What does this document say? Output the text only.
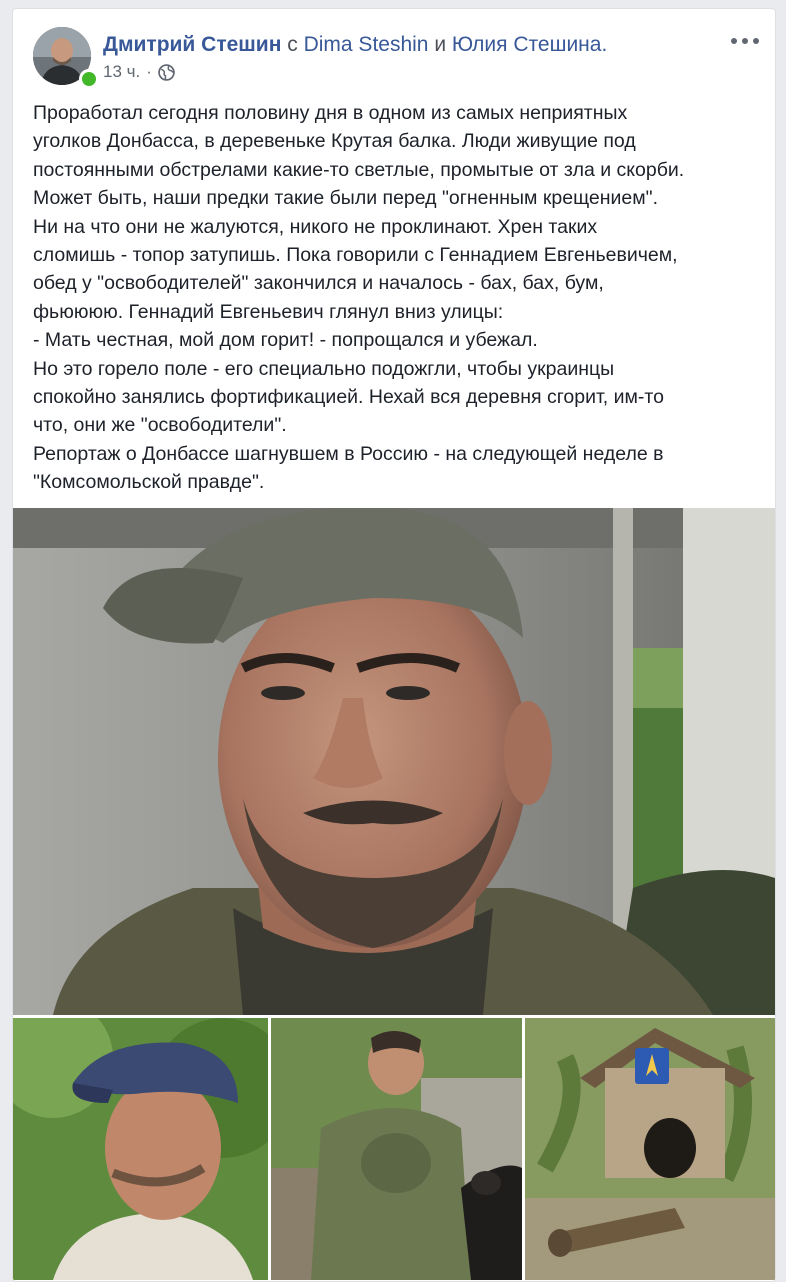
Дмитрий Стешин с Dima Steshin и Юлия Стешина.
13 ч. ·
Проработал сегодня половину дня в одном из самых неприятных
уголков Донбасса, в деревеньке Крутая балка. Люди живущие под
постоянными обстрелами какие-то светлые, промытые от зла и скорби.
Может быть, наши предки такие были перед "огненным крещением".
Ни на что они не жалуются, никого не проклинают. Хрен таких
сломишь - топор затупишь. Пока говорили с Геннадием Евгеньевичем,
обед у "освободителей" закончился и началось - бах, бах, бум,
фьюююю. Геннадий Евгеньевич глянул вниз улицы:
- Мать честная, мой дом горит! - попрощался и убежал.
Но это горело поле - его специально подожгли, чтобы украинцы
спокойно занялись фортификацией. Нехай вся деревня сгорит, им-то
что, они же "освободители".
Репортаж о Донбассе шагнувшем в Россию - на следующей неделе в
"Комсомольской правде".
